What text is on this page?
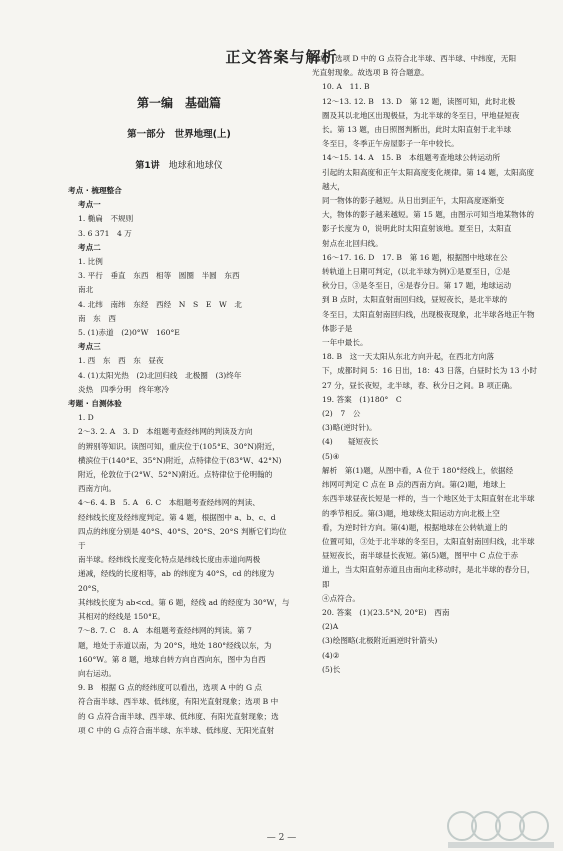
正文答案与解析
第一编　基础篇
第一部分　世界地理(上)
第1讲　 地球和地球仪

考点 · 梳理整合

考点一

1. 椭扁　不规则

3. 6 371　4 万

考点二

1. 比例

3. 平行　垂直　东西　相等　圆圈　半圆　东西
南北

4. 北纬　南纬　东经　西经　N　S　E　W　北
南　东　西

5. (1)赤道　(2)0°W　160°E

考点三

1. 西　东　西　东　昼夜

4. (1)太阳光热　(2)北回归线　北极圈　(3)终年
炎热　四季分明　终年寒冷

考题 · 自测体验

1. D

2～3. 2. A　3. D　本组题考查经纬网的判读及方向
的辨别等知识。读图可知，重庆位于(105°E、30°N)附近，
横滨位于(140°E、35°N)附近，点特律位于(83°W、42°N)
附近，伦敦位于(2°W、52°N)附近。点特律位于伦明翰的
西南方向。

4～6. 4. B　5. A　6. C　本组题考查经纬网的判读、
经纬线长度及经纬度判定。第 4 题，根据图中 a、b、c、d
四点的纬度分别是 40°S、40°S、20°S、20°S 判断它们均位于
南半球。经纬线长度变化特点是纬线长度由赤道向两极
递减，经线的长度相等，ab 的纬度为 40°S，cd 的纬度为 20°S，
其纬线长度为 ab<cd。第 6 题，经线 ad 的经度为 30°W，与
其相对的经线是 150°E。

7～8. 7. C　8. A　本组题考查经纬网的判读。第 7
题，地处于赤道以南，为 20°S，地处 180°经线以东，为
160°W。第 8 题，地球自转方向自西向东，图中为自西
向右运动。

9. B　根据 G 点的经纬度可以看出，选项 A 中的 G 点
符合南半球、西半球、低纬度，有阳光直射现象；选项 B 中
的 G 点符合南半球、西半球、低纬度、有阳光直射现象；选
项 C 中的 G 点符合南半球、东半球、低纬度、无阳光直射

现象；选项 D 中的 G 点符合北半球、西半球、中纬度，无阳
光直射现象。故选项 B 符合题意。

10. A　11. B

12～13. 12. B　13. D　第 12 题，读图可知，此时北极
圈及其以北地区出现极昼，为北半球的冬至日，甲地昼短夜
长。第 13 题，由日照图判断出，此时太阳直射于北半球
冬至日，冬季正午房屋影子一年中较长。

14～15. 14. A　15. B　本组题考查地球公转运动所
引起的太阳高度和正午太阳高度变化规律。第 14 题，太阳高度越大，
同一物体的影子越短。从日出到正午，太阳高度逐渐变
大，物体的影子越来越短。第 15 题，由图示可知当地某物体的
影子长度为 0，说明此时太阳直射该地。夏至日，太阳直
射点在北回归线。

16～17. 16. D　17. B　第 16 题，根据图中地球在公
转轨道上日期可判定，(以北半球为例)①是夏至日，②是
秋分日，③是冬至日，④是春分日。第 17 题，地球运动
到 B 点时，太阳直射南回归线，昼短夜长，是北半球的
冬至日，太阳直射南回归线，出现极夜现象，北半球各地正午物体影子是
一年中最长。

18. B　这一天太阳从东北方向升起，在西北方向落
下，成都时间 5：16 日出，18：43 日落，白昼时长为 13 小时
27 分，昼长夜短，北半球，春、秋分日之间。B 项正确。

19. 答案　(1)180°　C

(2)　7　公

(3)略(逆时针)。

(4)　　疑短夜长

(5)④

解析　第(1)题，从图中看，A 位于 180°经线上，依据经
纬网可判定 C 点在 B 点的西南方向。第(2)题，地球上
东西半球昼夜长短是一样的，当一个地区处于太阳直射在北半球
的季节相反。第(3)题，地球绕太阳运动方向北极上空
看，为逆时针方向。第(4)题，根据地球在公转轨道上的
位置可知，③处于北半球的冬至日，太阳直射南回归线，北半球
昼短夜长，南半球昼长夜短。第(5)题，图甲中 C 点位于赤
道上，当太阳直射赤道且由南向北移动时，是北半球的春分日，即
④点符合。

20. 答案　(1)(23.5°N, 20°E)　西南

(2)A

(3)绘图略(北极附近画逆时针箭头)

(4)②

(5)长

— 2 —
